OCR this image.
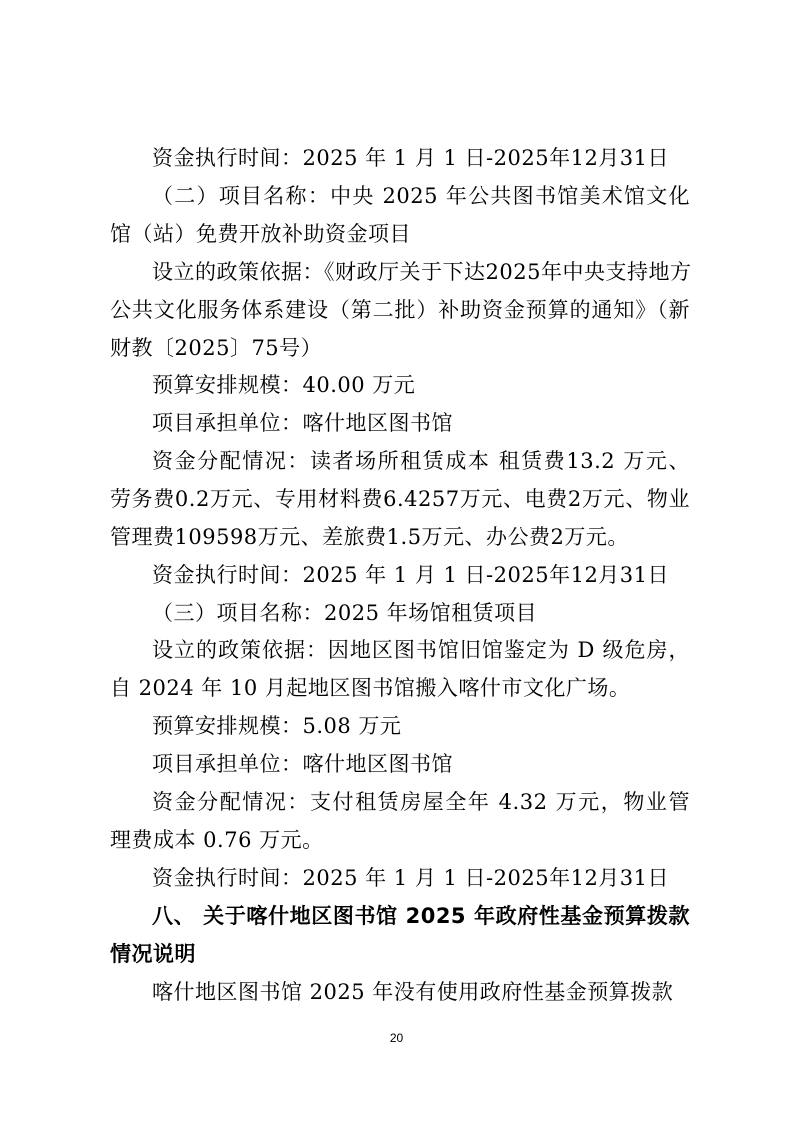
资金执行时间：2025 年 1 月 1 日-2025年12月31日
（二）项目名称：中央 2025 年公共图书馆美术馆文化
馆（站）免费开放补助资金项目
设立的政策依据：《财政厅关于下达2025年中央支持地方
公共文化服务体系建设（第二批）补助资金预算的通知》（新
财教〔2025〕75号）
预算安排规模：40.00 万元
项目承担单位：喀什地区图书馆
资金分配情况：读者场所租赁成本 租赁费13.2 万元、
劳务费0.2万元、专用材料费6.4257万元、电费2万元、物业
管理费109598万元、差旅费1.5万元、办公费2万元。
资金执行时间：2025 年 1 月 1 日-2025年12月31日
（三）项目名称：2025 年场馆租赁项目
设立的政策依据：因地区图书馆旧馆鉴定为 D 级危房，
自 2024 年 10 月起地区图书馆搬入喀什市文化广场。
预算安排规模：5.08 万元
项目承担单位：喀什地区图书馆
资金分配情况：支付租赁房屋全年 4.32 万元，物业管
理费成本 0.76 万元。
资金执行时间：2025 年 1 月 1 日-2025年12月31日
八、 关于喀什地区图书馆 2025 年政府性基金预算拨款
情况说明
喀什地区图书馆 2025 年没有使用政府性基金预算拨款
20
